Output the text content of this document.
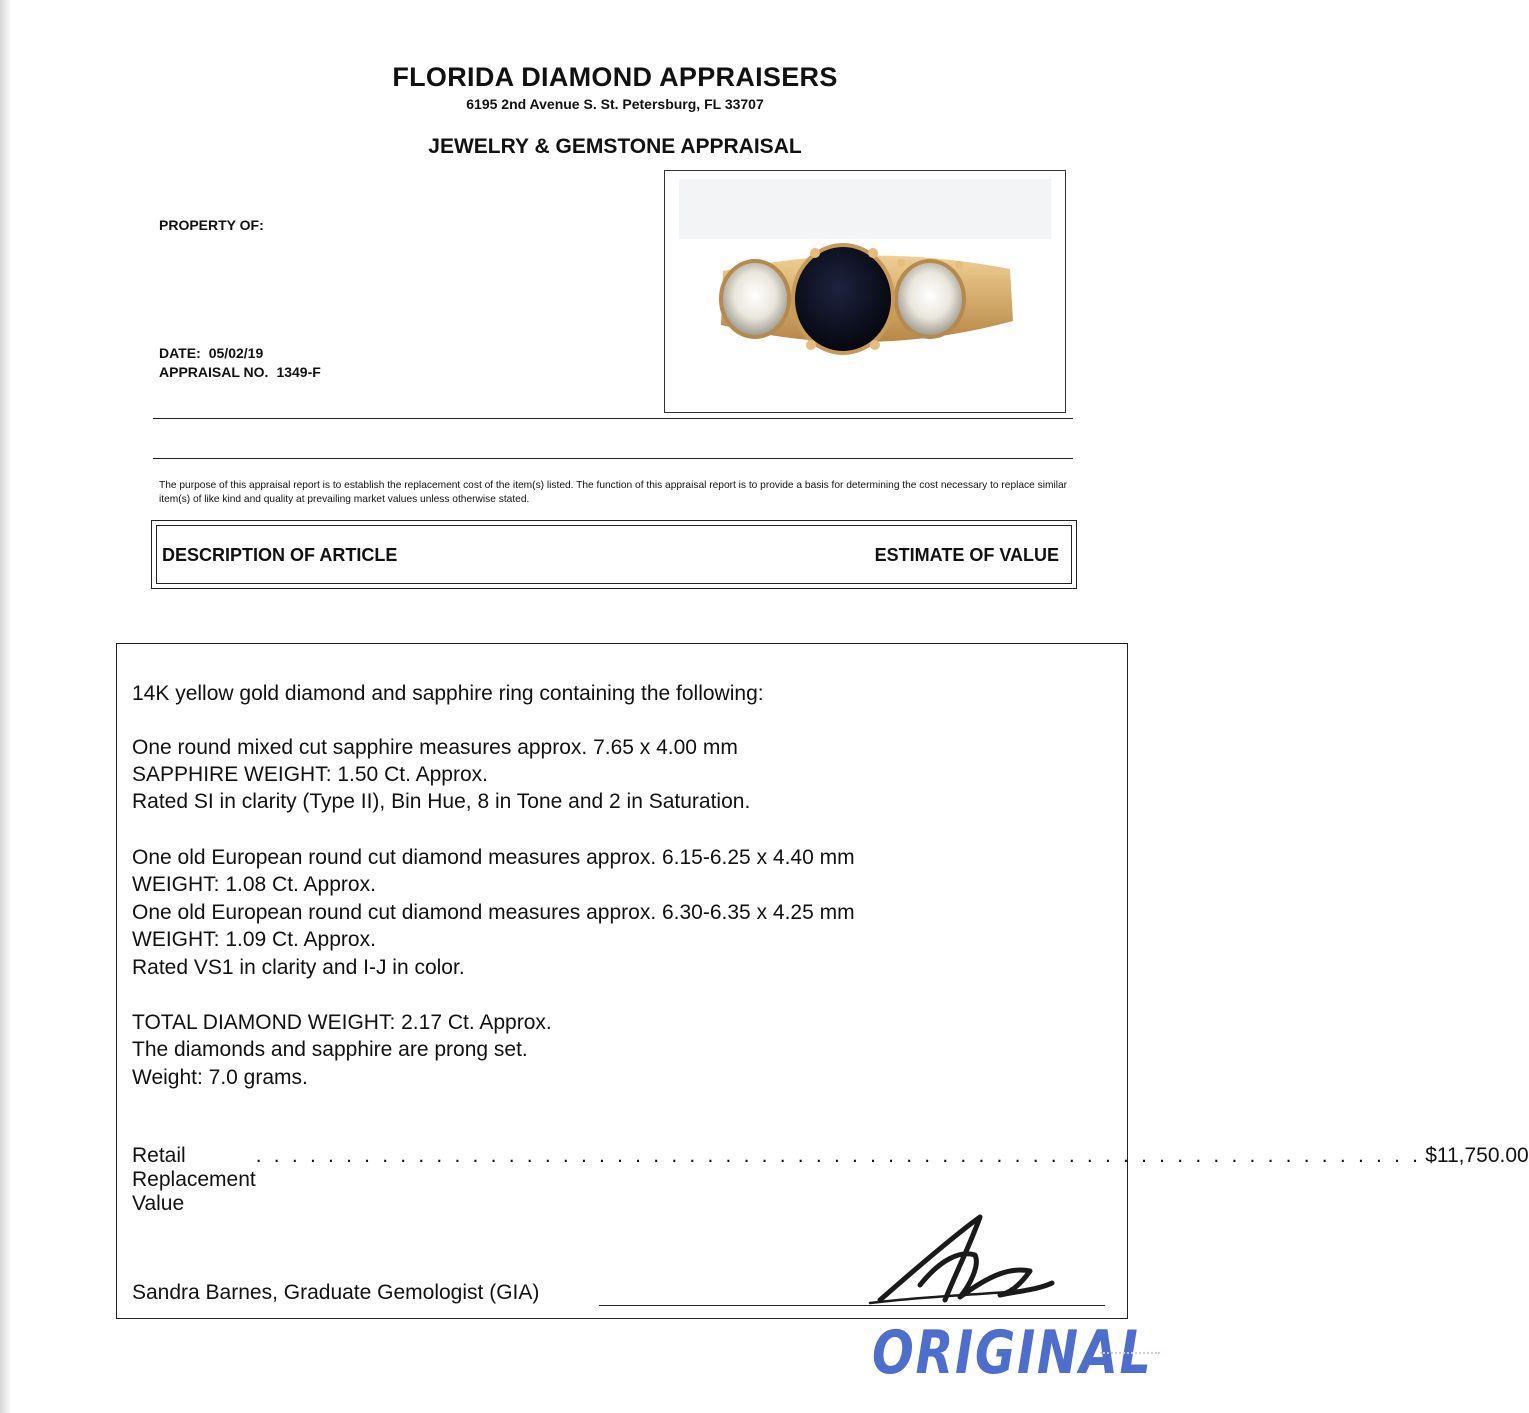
FLORIDA DIAMOND APPRAISERS
6195 2nd Avenue S. St. Petersburg, FL 33707
JEWELRY & GEMSTONE APPRAISAL
PROPERTY OF:
DATE: 05/02/19
APPRAISAL NO. 1349-F
The purpose of this appraisal report is to establish the replacement cost of the item(s) listed. The function of this appraisal report is to provide a basis for determining the cost necessary to replace similar item(s) of like kind and quality at prevailing market values unless otherwise stated.
DESCRIPTION OF ARTICLE	ESTIMATE OF VALUE
14K yellow gold diamond and sapphire ring containing the following:
One round mixed cut sapphire measures approx. 7.65 x 4.00 mm
SAPPHIRE WEIGHT: 1.50 Ct. Approx.
Rated SI in clarity (Type II), Bin Hue, 8 in Tone and 2 in Saturation.
One old European round cut diamond measures approx. 6.15-6.25 x 4.40 mm
WEIGHT: 1.08 Ct. Approx.
One old European round cut diamond measures approx. 6.30-6.35 x 4.25 mm
WEIGHT: 1.09 Ct. Approx.
Rated VS1 in clarity and I-J in color.
TOTAL DIAMOND WEIGHT: 2.17 Ct. Approx.
The diamonds and sapphire are prong set.
Weight: 7.0 grams.
Retail Replacement Value
. . . . . . . . . . . . . . . . . . . . . . . . . . . . . . . . . . . . . . . . . . . . . . . . . . . . . . . . . . . . . . . . . $11,750.00
Sandra Barnes, Graduate Gemologist (GIA)
ORIGINAL
